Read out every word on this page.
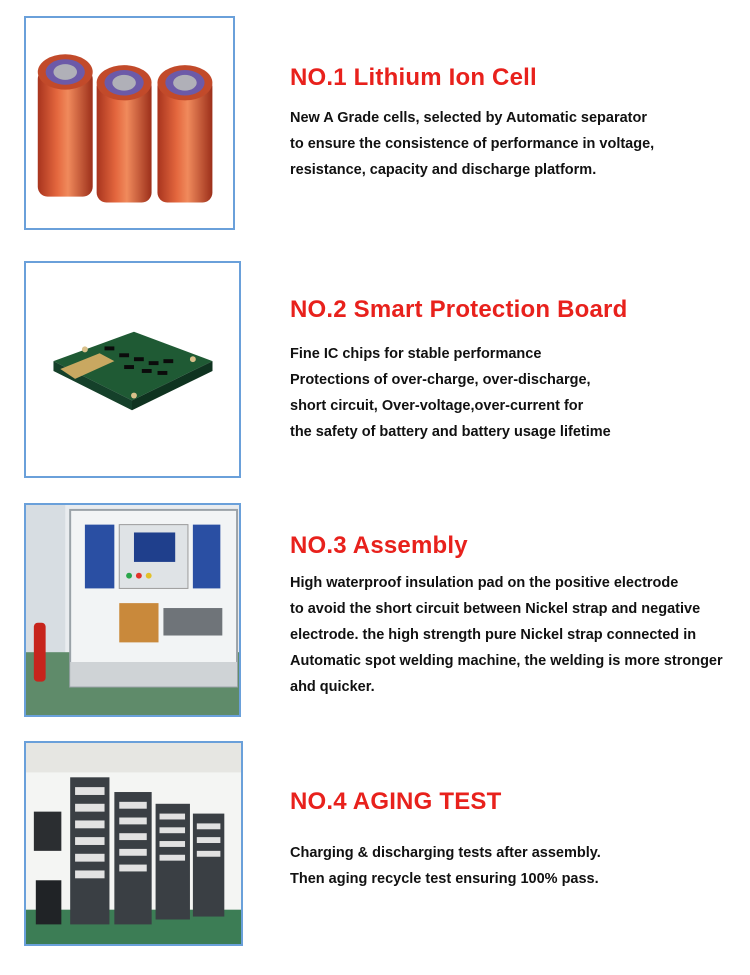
NO.1 Lithium Ion Cell
New A Grade cells, selected by Automatic separator
to ensure the consistence of performance in voltage,
resistance, capacity and discharge platform.
NO.2 Smart Protection Board
Fine IC chips for stable performance
Protections of over-charge, over-discharge,
short circuit, Over-voltage,over-current for
the safety of battery and battery usage lifetime
NO.3 Assembly
High waterproof insulation pad on the positive electrode
to avoid the short circuit between Nickel strap and negative
electrode. the high strength pure Nickel strap connected in
Automatic spot welding machine, the welding is more stronger
ahd quicker.
NO.4 AGING TEST
Charging & discharging tests after assembly.
Then aging recycle test ensuring 100% pass.
